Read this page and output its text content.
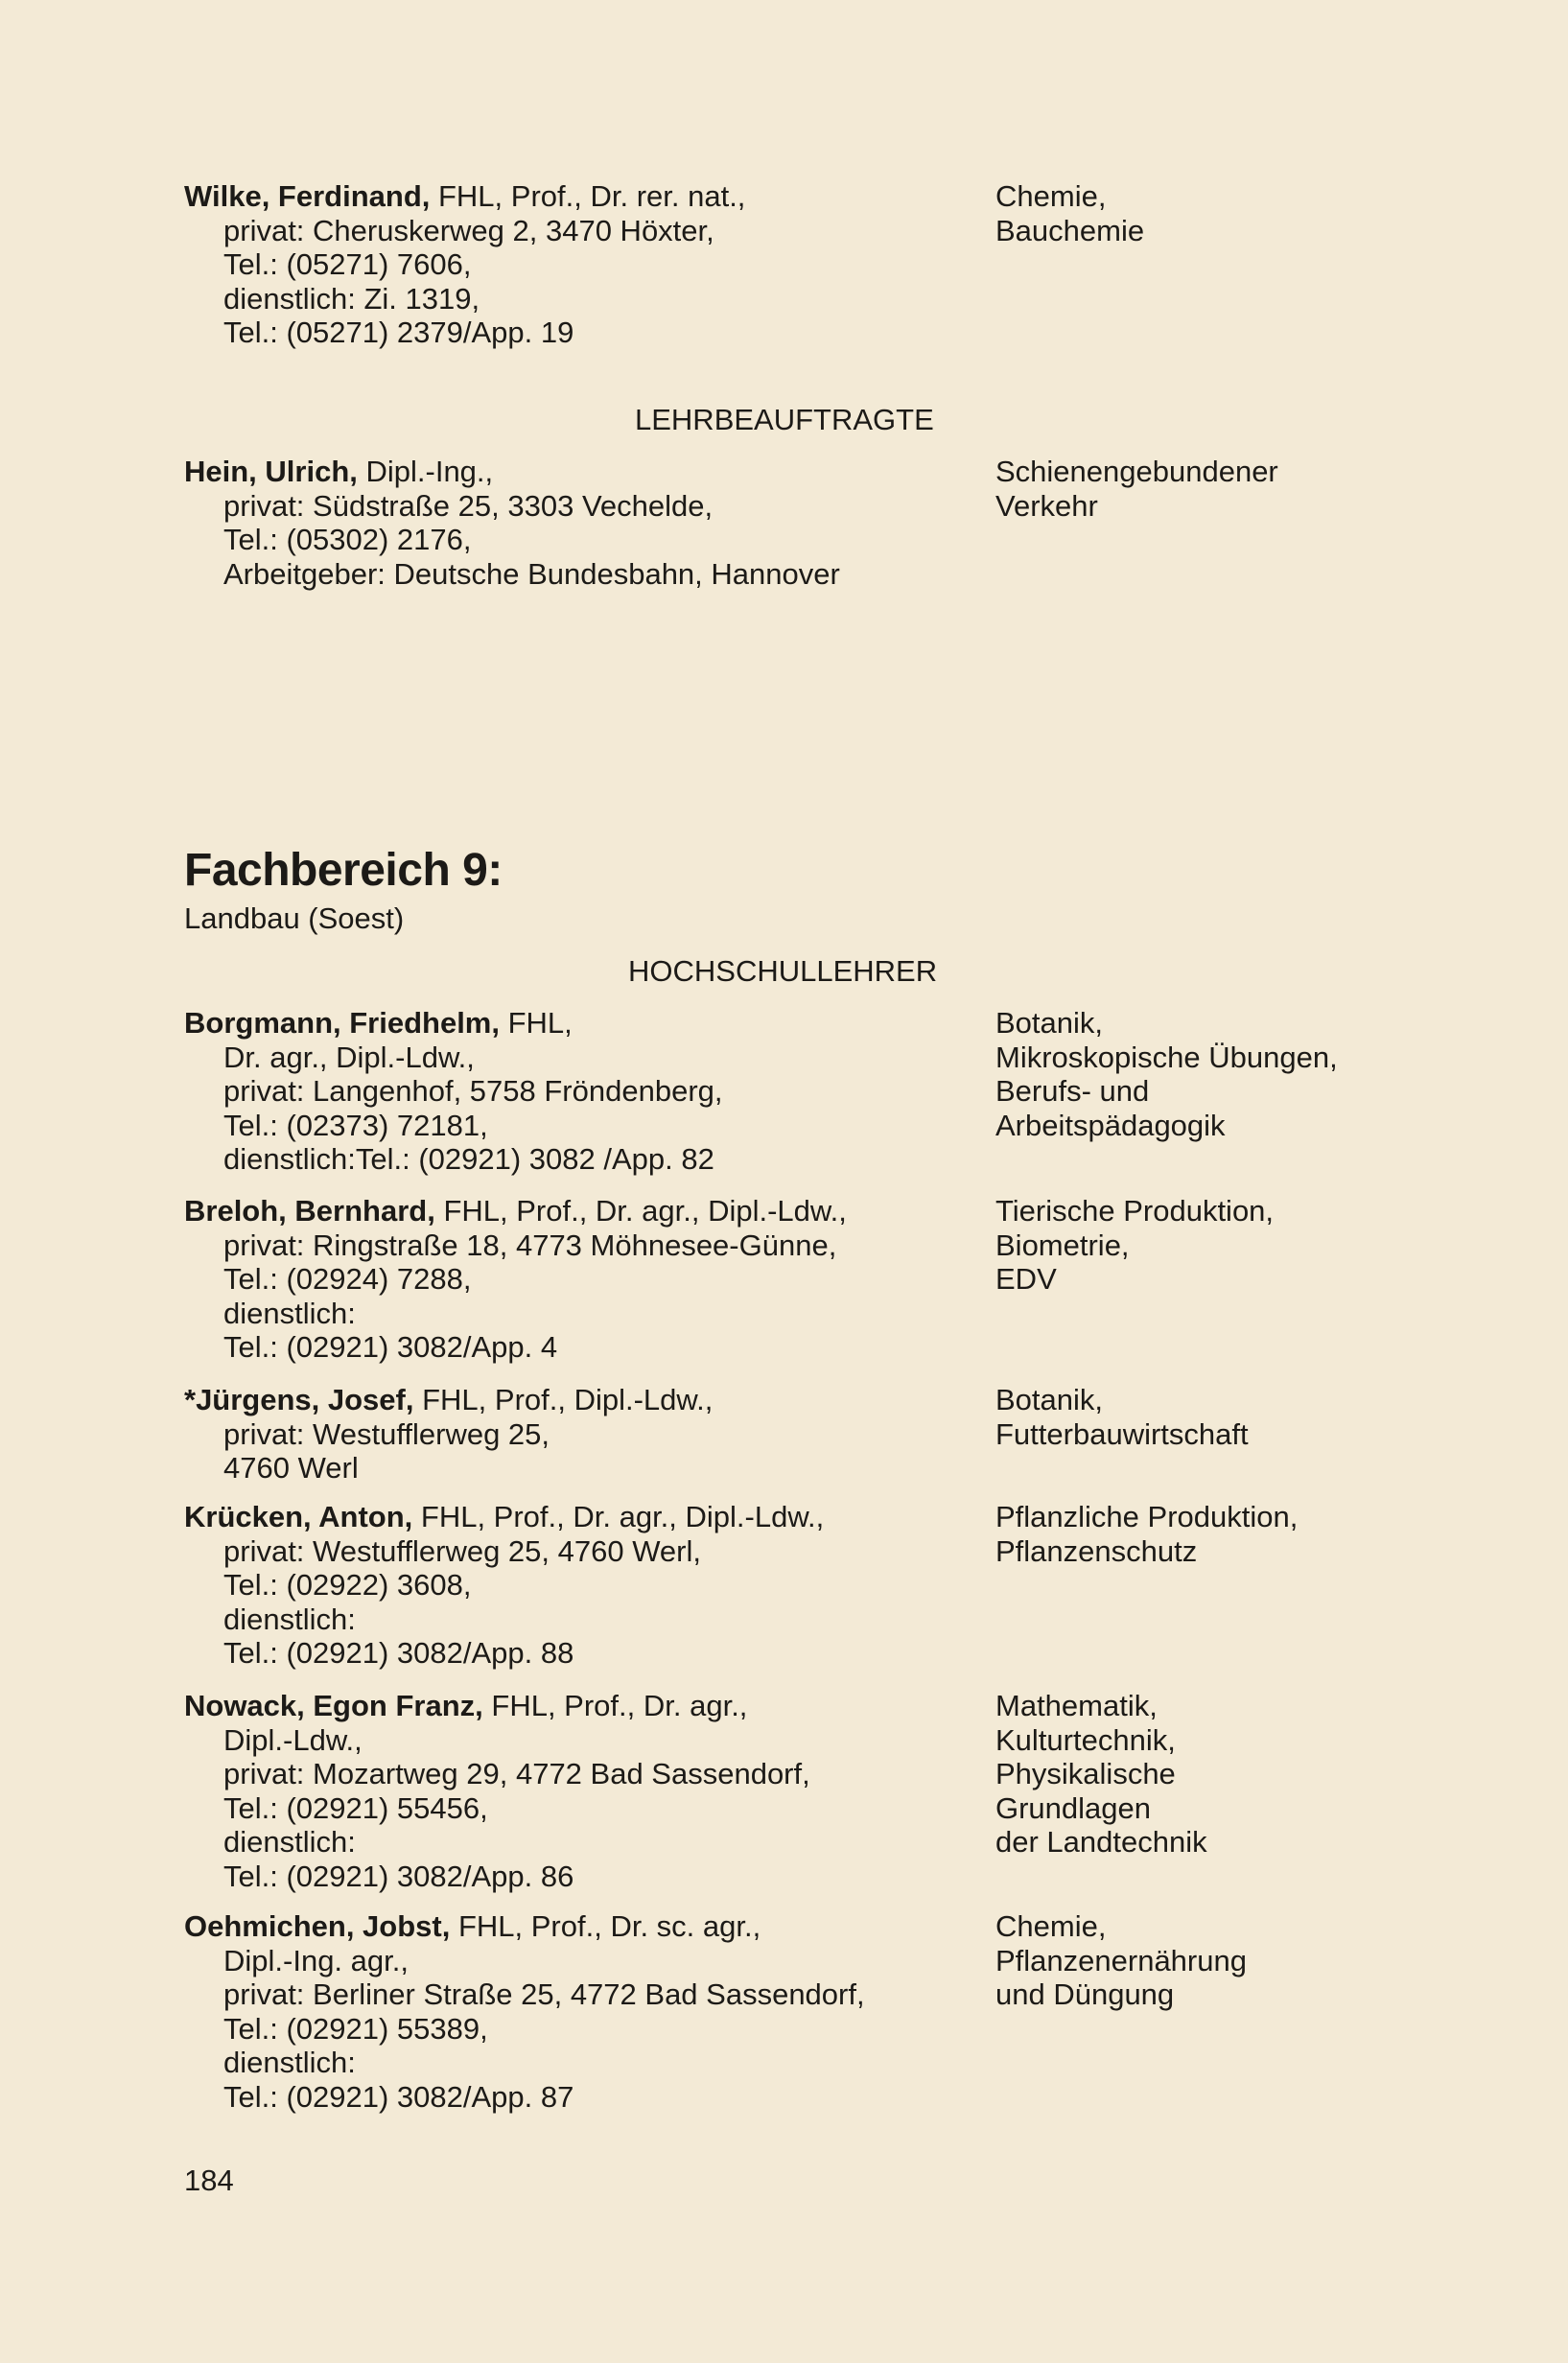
Wilke, Ferdinand, FHL, Prof., Dr. rer. nat.,
privat: Cheruskerweg 2, 3470 Höxter,
Tel.: (05271) 7606,
dienstlich: Zi. 1319,
Tel.: (05271) 2379/App. 19
Chemie,
Bauchemie
LEHRBEAUFTRAGTE
Hein, Ulrich, Dipl.-Ing.,
privat: Südstraße 25, 3303 Vechelde,
Tel.: (05302) 2176,
Arbeitgeber: Deutsche Bundesbahn, Hannover
Schienengebundener
Verkehr
Fachbereich 9:
Landbau (Soest)
HOCHSCHULLEHRER
Borgmann, Friedhelm, FHL,
Dr. agr., Dipl.-Ldw.,
privat: Langenhof, 5758 Fröndenberg,
Tel.: (02373) 72181,
dienstlich:Tel.: (02921) 3082 /App. 82
Botanik,
Mikroskopische Übungen,
Berufs- und
Arbeitspädagogik
Breloh, Bernhard, FHL, Prof., Dr. agr., Dipl.-Ldw.,
privat: Ringstraße 18, 4773 Möhnesee-Günne,
Tel.: (02924) 7288,
dienstlich:
Tel.: (02921) 3082/App. 4
Tierische Produktion,
Biometrie,
EDV
*Jürgens, Josef, FHL, Prof., Dipl.-Ldw.,
privat: Westufflerweg 25,
4760 Werl
Botanik,
Futterbauwirtschaft
Krücken, Anton, FHL, Prof., Dr. agr., Dipl.-Ldw.,
privat: Westufflerweg 25, 4760 Werl,
Tel.: (02922) 3608,
dienstlich:
Tel.: (02921) 3082/App. 88
Pflanzliche Produktion,
Pflanzenschutz
Nowack, Egon Franz, FHL, Prof., Dr. agr.,
Dipl.-Ldw.,
privat: Mozartweg 29, 4772 Bad Sassendorf,
Tel.: (02921) 55456,
dienstlich:
Tel.: (02921) 3082/App. 86
Mathematik,
Kulturtechnik,
Physikalische
Grundlagen
der Landtechnik
Oehmichen, Jobst, FHL, Prof., Dr. sc. agr.,
Dipl.-Ing. agr.,
privat: Berliner Straße 25, 4772 Bad Sassendorf,
Tel.: (02921) 55389,
dienstlich:
Tel.: (02921) 3082/App. 87
Chemie,
Pflanzenernährung
und Düngung
184
